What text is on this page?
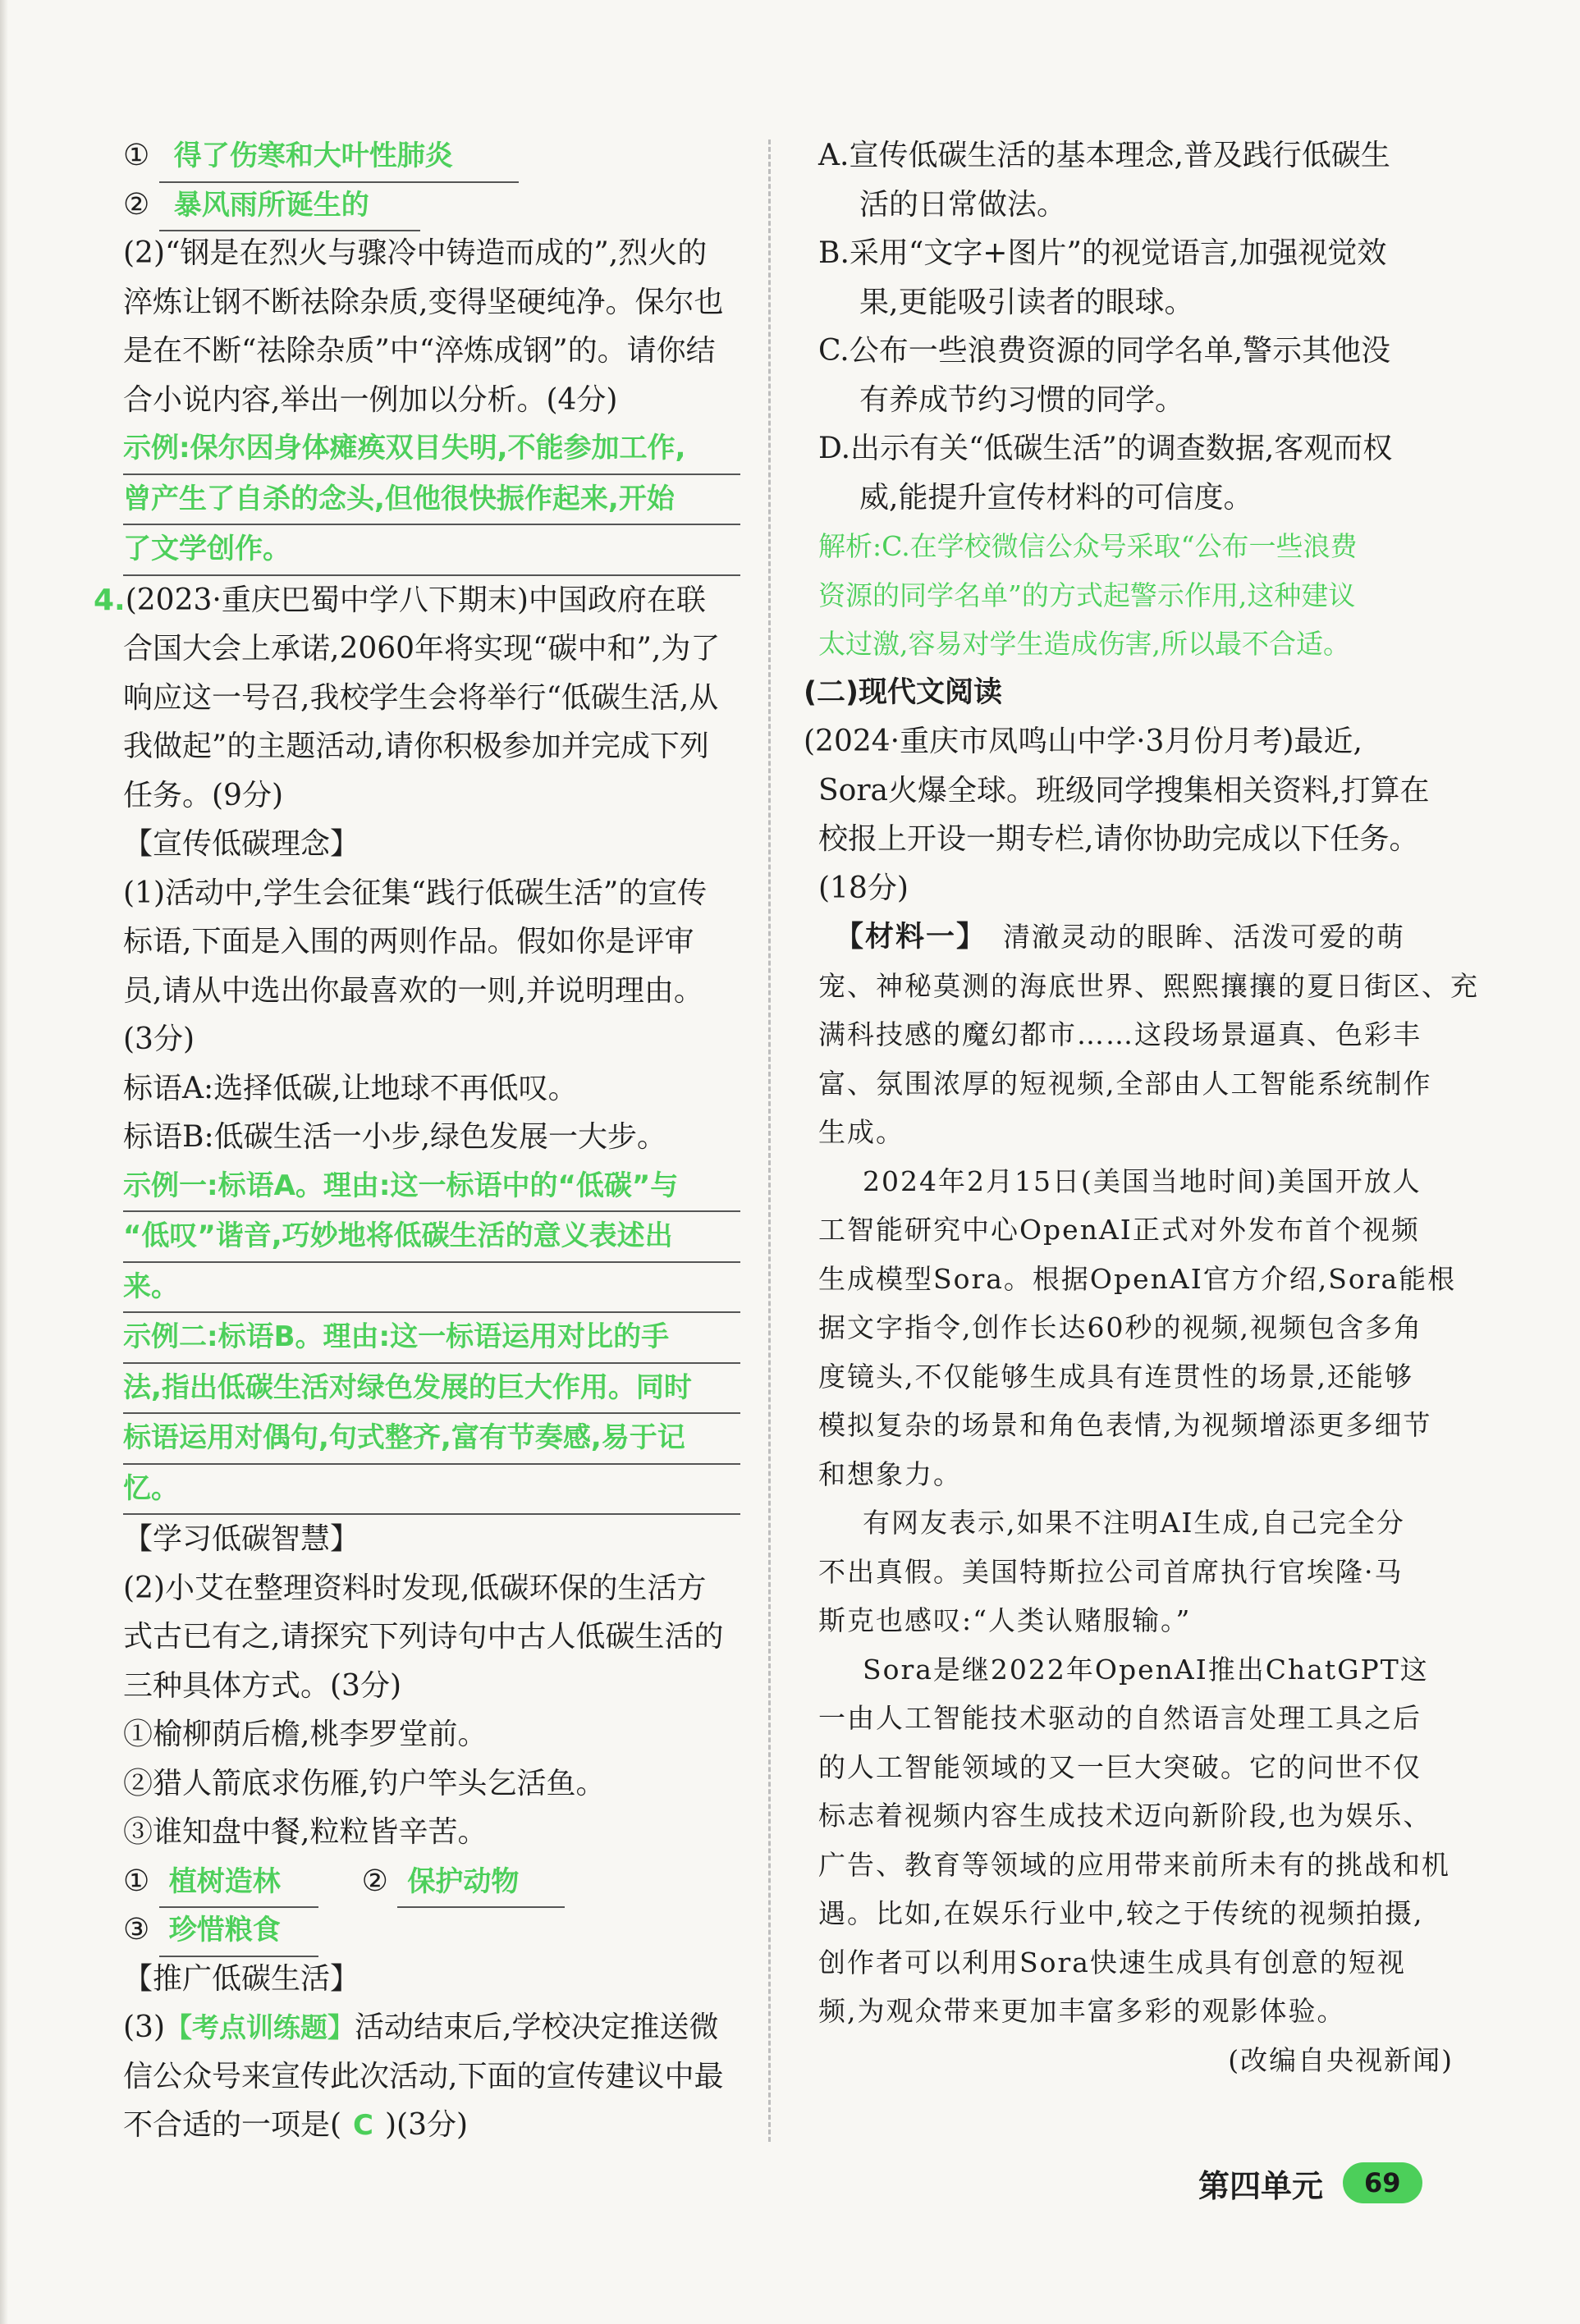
① 得了伤寒和大叶性肺炎
② 暴风雨所诞生的
(2)“钢是在烈火与骤冷中铸造而成的”,烈火的
淬炼让钢不断祛除杂质,变得坚硬纯净。保尔也
是在不断“祛除杂质”中“淬炼成钢”的。请你结
合小说内容,举出一例加以分析。(4分)
示例:保尔因身体瘫痪双目失明,不能参加工作,
曾产生了自杀的念头,但他很快振作起来,开始
了文学创作。
4.(2023·重庆巴蜀中学八下期末)中国政府在联
合国大会上承诺,2060年将实现“碳中和”,为了
响应这一号召,我校学生会将举行“低碳生活,从
我做起”的主题活动,请你积极参加并完成下列
任务。(9分)
【宣传低碳理念】
(1)活动中,学生会征集“践行低碳生活”的宣传
标语,下面是入围的两则作品。假如你是评审
员,请从中选出你最喜欢的一则,并说明理由。
(3分)
标语A:选择低碳,让地球不再低叹。
标语B:低碳生活一小步,绿色发展一大步。
示例一:标语A。理由:这一标语中的“低碳”与
“低叹”谐音,巧妙地将低碳生活的意义表述出
来。
示例二:标语B。理由:这一标语运用对比的手
法,指出低碳生活对绿色发展的巨大作用。同时
标语运用对偶句,句式整齐,富有节奏感,易于记
忆。
【学习低碳智慧】
(2)小艾在整理资料时发现,低碳环保的生活方
式古已有之,请探究下列诗句中古人低碳生活的
三种具体方式。(3分)
①榆柳荫后檐,桃李罗堂前。
②猎人箭底求伤雁,钓户竿头乞活鱼。
③谁知盘中餐,粒粒皆辛苦。
① 植树造林	② 保护动物
③ 珍惜粮食
【推广低碳生活】
(3)【考点训练题】活动结束后,学校决定推送微
信公众号来宣传此次活动,下面的宣传建议中最
不合适的一项是( C )(3分)
A.宣传低碳生活的基本理念,普及践行低碳生
活的日常做法。
B.采用“文字+图片”的视觉语言,加强视觉效
果,更能吸引读者的眼球。
C.公布一些浪费资源的同学名单,警示其他没
有养成节约习惯的同学。
D.出示有关“低碳生活”的调查数据,客观而权
威,能提升宣传材料的可信度。
解析:C.在学校微信公众号采取“公布一些浪费
资源的同学名单”的方式起警示作用,这种建议
太过激,容易对学生造成伤害,所以最不合适。
(二)现代文阅读
(2024·重庆市凤鸣山中学·3月份月考)最近,
Sora火爆全球。班级同学搜集相关资料,打算在
校报上开设一期专栏,请你协助完成以下任务。
(18分)
【材料一】 清澈灵动的眼眸、活泼可爱的萌
宠、神秘莫测的海底世界、熙熙攘攘的夏日街区、充
满科技感的魔幻都市……这段场景逼真、色彩丰
富、氛围浓厚的短视频,全部由人工智能系统制作
生成。
2024年2月15日(美国当地时间)美国开放人
工智能研究中心OpenAI正式对外发布首个视频
生成模型Sora。根据OpenAI官方介绍,Sora能根
据文字指令,创作长达60秒的视频,视频包含多角
度镜头,不仅能够生成具有连贯性的场景,还能够
模拟复杂的场景和角色表情,为视频增添更多细节
和想象力。
有网友表示,如果不注明AI生成,自己完全分
不出真假。美国特斯拉公司首席执行官埃隆·马
斯克也感叹:“人类认赌服输。”
Sora是继2022年OpenAI推出ChatGPT这
一由人工智能技术驱动的自然语言处理工具之后
的人工智能领域的又一巨大突破。它的问世不仅
标志着视频内容生成技术迈向新阶段,也为娱乐、
广告、教育等领域的应用带来前所未有的挑战和机
遇。比如,在娱乐行业中,较之于传统的视频拍摄,
创作者可以利用Sora快速生成具有创意的短视
频,为观众带来更加丰富多彩的观影体验。
(改编自央视新闻)
第四单元	69
